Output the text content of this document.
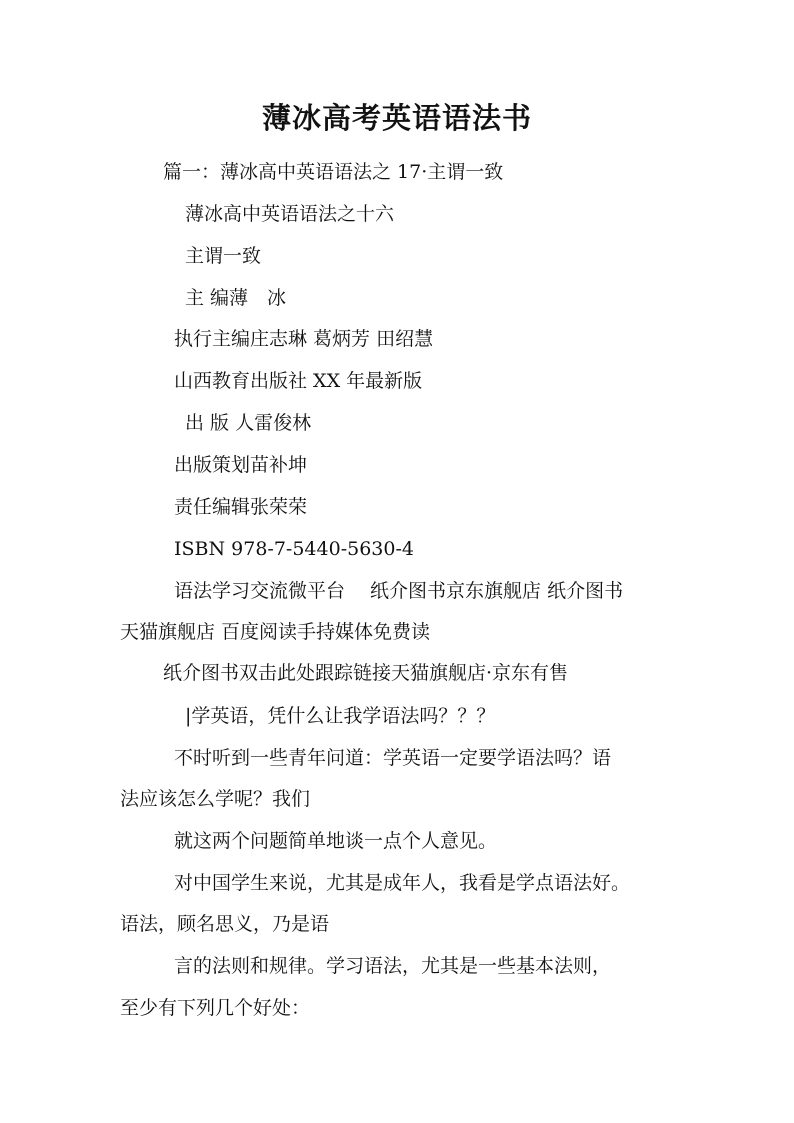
薄冰高考英语语法书
篇一：薄冰高中英语语法之 17·主谓一致
薄冰高中英语语法之十六
主谓一致
主 编薄　冰
执行主编庄志琳 葛炳芳 田绍慧
山西教育出版社 XX 年最新版
出 版 人雷俊林
出版策划苗补坤
责任编辑张荣荣
ISBN 978-7-5440-5630-4
语法学习交流微平台　 纸介图书京东旗舰店 纸介图书
天猫旗舰店 百度阅读手持媒体免费读
纸介图书双击此处跟踪链接天猫旗舰店·京东有售
|学英语，凭什么让我学语法吗？？？
不时听到一些青年问道：学英语一定要学语法吗？语
法应该怎么学呢？我们
就这两个问题简单地谈一点个人意见。
对中国学生来说，尤其是成年人，我看是学点语法好。
语法，顾名思义，乃是语
言的法则和规律。学习语法，尤其是一些基本法则，
至少有下列几个好处：
